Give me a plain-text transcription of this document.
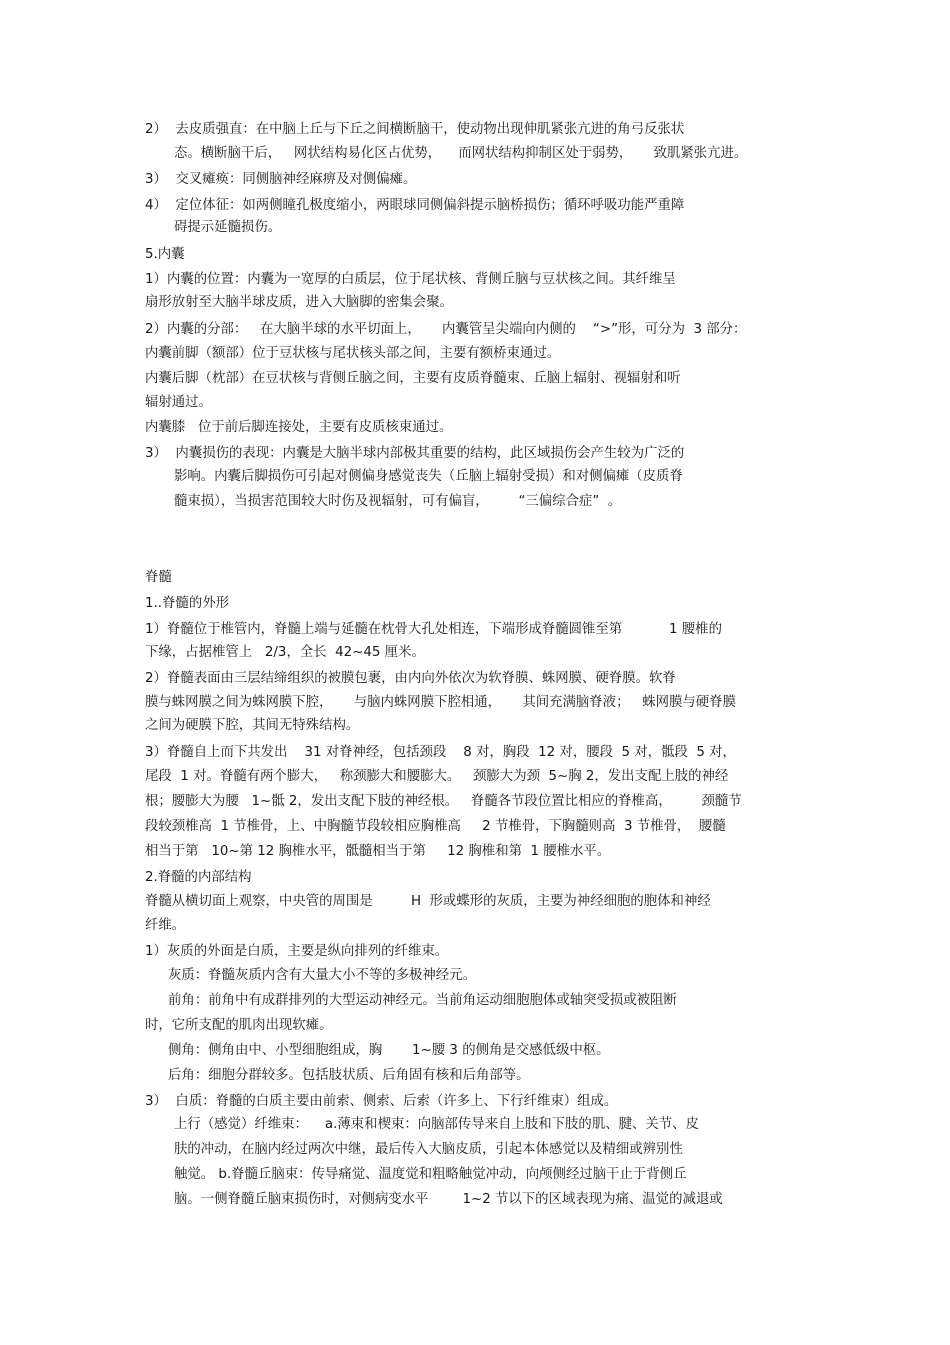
2）  去皮质强直：在中脑上丘与下丘之间横断脑干，使动物出现伸肌紧张亢进的角弓反张状
态。横断脑干后，   网状结构易化区占优势，    而网状结构抑制区处于弱势，     致肌紧张亢进。
3）  交叉瘫痪：同侧脑神经麻痹及对侧偏瘫。
4）  定位体征：如两侧瞳孔极度缩小，两眼球同侧偏斜提示脑桥损伤；循环呼吸功能严重障
碍提示延髓损伤。
5.内囊
1）内囊的位置：内囊为一宽厚的白质层，位于尾状核、背侧丘脑与豆状核之间。其纤维呈
扇形放射至大脑半球皮质，进入大脑脚的密集会聚。
2）内囊的分部：   在大脑半球的水平切面上，     内囊管呈尖端向内侧的    “>”形，可分为  3 部分：
内囊前脚（额部）位于豆状核与尾状核头部之间，主要有额桥束通过。
内囊后脚（枕部）在豆状核与背侧丘脑之间，主要有皮质脊髓束、丘脑上辐射、视辐射和听
辐射通过。
内囊膝   位于前后脚连接处，主要有皮质核束通过。
3）  内囊损伤的表现：内囊是大脑半球内部极其重要的结构，此区域损伤会产生较为广泛的
影响。内囊后脚损伤可引起对侧偏身感觉丧失（丘脑上辐射受损）和对侧偏瘫（皮质脊
髓束损），当损害范围较大时伤及视辐射，可有偏盲，       “三偏综合症”  。
脊髓
1..脊髓的外形
1）脊髓位于椎管内，脊髓上端与延髓在枕骨大孔处相连，下端形成脊髓圆锥至第           1 腰椎的
下缘，占据椎管上   2/3，全长  42~45 厘米。
2）脊髓表面由三层结缔组织的被膜包裹，由内向外依次为软脊膜、蛛网膜、硬脊膜。软脊
膜与蛛网膜之间为蛛网膜下腔，     与脑内蛛网膜下腔相通，     其间充满脑脊液；   蛛网膜与硬脊膜
之间为硬膜下腔，其间无特殊结构。
3）脊髓自上而下共发出    31 对脊神经，包括颈段    8 对，胸段  12 对，腰段  5 对，骶段  5 对，
尾段  1 对。脊髓有两个膨大，   称颈膨大和腰膨大。   颈膨大为颈  5~胸 2，发出支配上肢的神经
根；腰膨大为腰   1~骶 2，发出支配下肢的神经根。   脊髓各节段位置比相应的脊椎高，       颈髓节
段较颈椎高  1 节椎骨，上、中胸髓节段较相应胸椎高     2 节椎骨，下胸髓则高  3 节椎骨，  腰髓
相当于第   10~第 12 胸椎水平，骶髓相当于第     12 胸椎和第  1 腰椎水平。
2.脊髓的内部结构
脊髓从横切面上观察，中央管的周围是         H  形或蝶形的灰质，主要为神经细胞的胞体和神经
纤维。
1）灰质的外面是白质，主要是纵向排列的纤维束。
灰质：脊髓灰质内含有大量大小不等的多极神经元。
前角：前角中有成群排列的大型运动神经元。当前角运动细胞胞体或轴突受损或被阻断
时，它所支配的肌肉出现软瘫。
侧角：侧角由中、小型细胞组成，胸       1~腰 3 的侧角是交感低级中枢。
后角：细胞分群较多。包括肢状质、后角固有核和后角部等。
3）  白质：脊髓的白质主要由前索、侧索、后索（许多上、下行纤维束）组成。
上行（感觉）纤维束：    a.薄束和楔束：向脑部传导来自上肢和下肢的肌、腱、关节、皮
肤的冲动，在脑内经过两次中继，最后传入大脑皮质，引起本体感觉以及精细或辨别性
触觉。 b.脊髓丘脑束：传导痛觉、温度觉和粗略触觉冲动，向颅侧经过脑干止于背侧丘
脑。一侧脊髓丘脑束损伤时，对侧病变水平        1~2 节以下的区域表现为痛、温觉的减退或
